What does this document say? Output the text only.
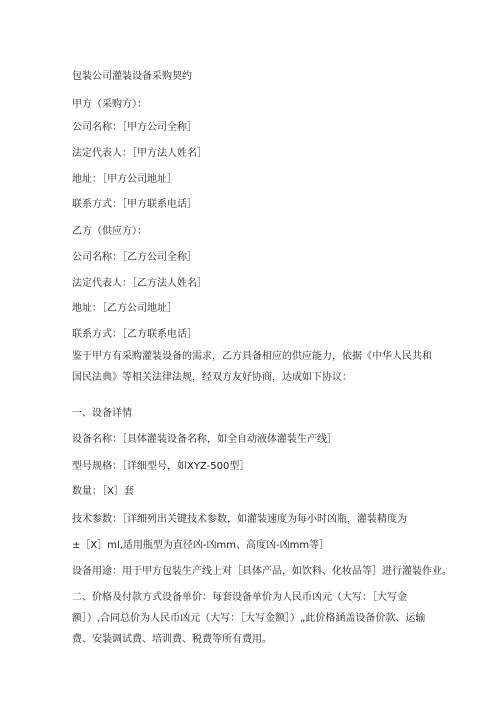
包装公司灌装设备采购契约
甲方（采购方）：
公司名称：［甲方公司全称］
法定代表人：［甲方法人姓名］
地址：［甲方公司地址］
联系方式：［甲方联系电话］
乙方（供应方）：
公司名称：［乙方公司全称］
法定代表人：［乙方法人姓名］
地址：［乙方公司地址］
联系方式：［乙方联系电话］
鉴于甲方有采购灌装设备的需求，乙方具备相应的供应能力，依据《中华人民共和国民法典》等相关法律法规，经双方友好协商，达成如下协议：
一、设备详情
设备名称：［具体灌装设备名称，如全自动液体灌装生产线］
型号规格：［详细型号，如XYZ-500型］
数量：［X］套
技术参数：［详细列出关键技术参数，如灌装速度为每小时凶瓶，灌装精度为
±［X］ml,适用瓶型为直径凶-凶mm、高度凶-凶mm等］
设备用途：用于甲方包装生产线上对［具体产品，如饮料、化妆品等］进行灌装作业。
二、价格及付款方式设备单价：每套设备单价为人民币凶元（大写：［大写金额］）,合同总价为人民币凶元（大写：［大写金额］）„此价格涵盖设备价款、运输费、安装调试费、培训费、税费等所有费用。
